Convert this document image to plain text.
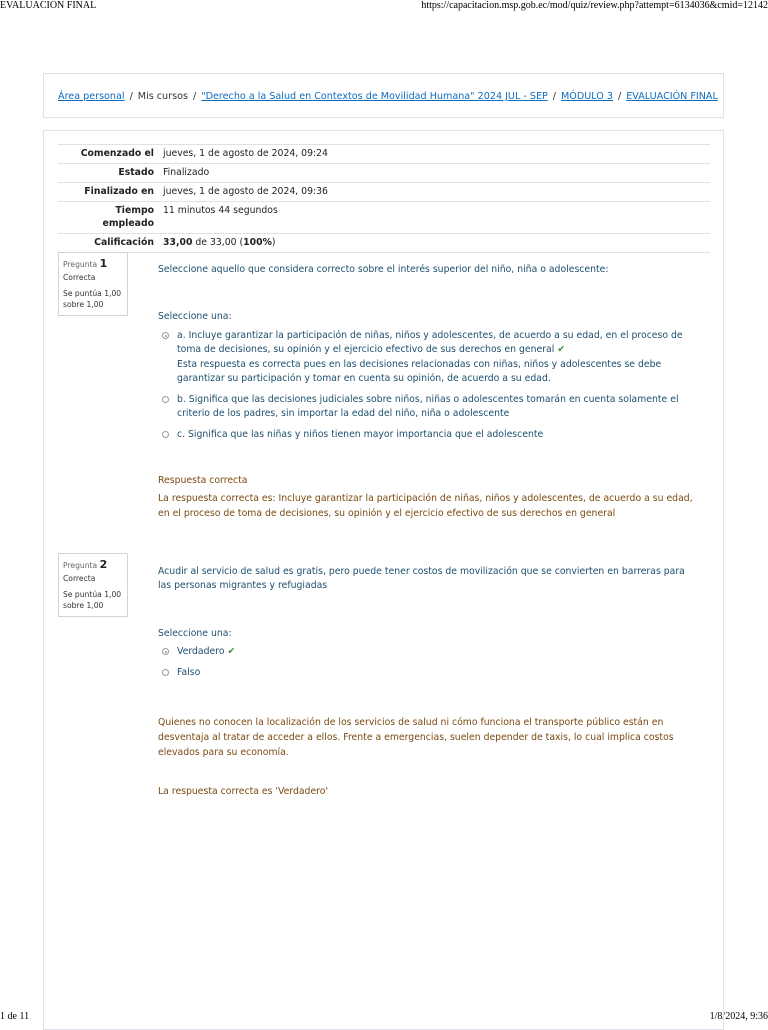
EVALUACION FINAL	https://capacitacion.msp.gob.ec/mod/quiz/review.php?attempt=6134036&cmid=12142
1 de 11	1/8/2024, 9:36
Área personal / Mis cursos / "Derecho a la Salud en Contextos de Movilidad Humana" 2024 JUL - SEP / MÓDULO 3 / EVALUACIÓN FINAL
Comenzado el	jueves, 1 de agosto de 2024, 09:24
Estado	Finalizado
Finalizado en	jueves, 1 de agosto de 2024, 09:36
Tiempo empleado	11 minutos 44 segundos
Calificación	33,00 de 33,00 (100%)
Pregunta 1
Correcta
Se puntúa 1,00 sobre 1,00
Seleccione aquello que considera correcto sobre el interés superior del niño, niña o adolescente:
Seleccione una:
a. Incluye garantizar la participación de niñas, niños y adolescentes, de acuerdo a su edad, en el proceso de toma de decisiones, su opinión y el ejercicio efectivo de sus derechos en general ✔
Esta respuesta es correcta pues en las decisiones relacionadas con niñas, niños y adolescentes se debe garantizar su participación y tomar en cuenta su opinión, de acuerdo a su edad.
b. Significa que las decisiones judiciales sobre niños, niñas o adolescentes tomarán en cuenta solamente el criterio de los padres, sin importar la edad del niño, niña o adolescente
c. Significa que las niñas y niños tienen mayor importancia que el adolescente
Respuesta correcta
La respuesta correcta es: Incluye garantizar la participación de niñas, niños y adolescentes, de acuerdo a su edad, en el proceso de toma de decisiones, su opinión y el ejercicio efectivo de sus derechos en general
Pregunta 2
Correcta
Se puntúa 1,00 sobre 1,00
Acudir al servicio de salud es gratis, pero puede tener costos de movilización que se convierten en barreras para las personas migrantes y refugiadas
Seleccione una:
Verdadero ✔
Falso
Quienes no conocen la localización de los servicios de salud ni cómo funciona el transporte público están en desventaja al tratar de acceder a ellos. Frente a emergencias, suelen depender de taxis, lo cual implica costos elevados para su economía.
La respuesta correcta es 'Verdadero'
